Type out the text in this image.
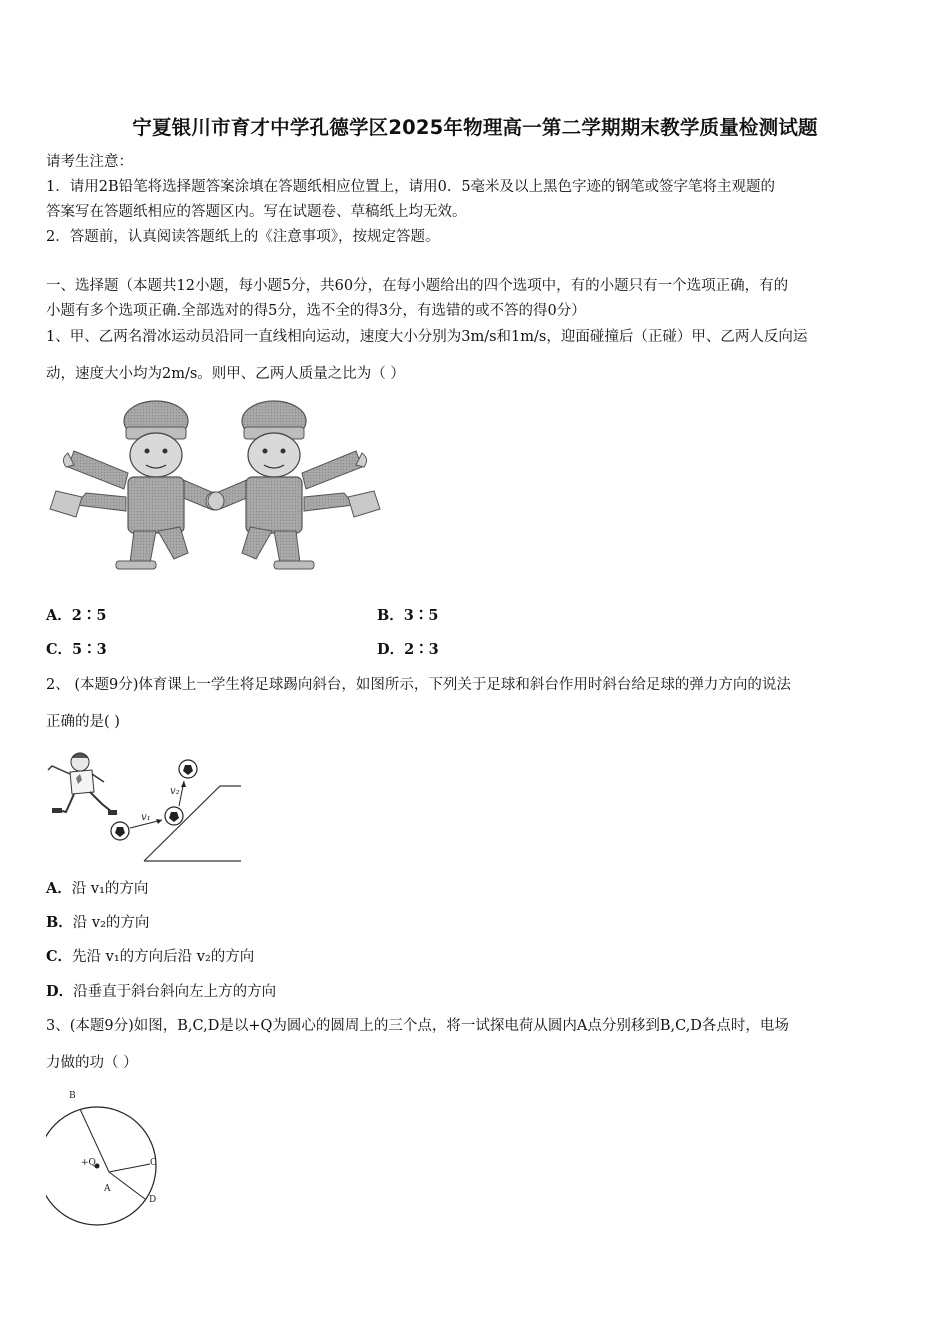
宁夏银川市育才中学孔德学区2025年物理高一第二学期期末教学质量检测试题
请考生注意：
1．请用2B铅笔将选择题答案涂填在答题纸相应位置上，请用0．5毫米及以上黑色字迹的钢笔或签字笔将主观题的
答案写在答题纸相应的答题区内。写在试题卷、草稿纸上均无效。
2．答题前，认真阅读答题纸上的《注意事项》，按规定答题。
一、选择题（本题共12小题，每小题5分，共60分，在每小题给出的四个选项中，有的小题只有一个选项正确，有的
小题有多个选项正确.全部选对的得5分，选不全的得3分，有选错的或不答的得0分）
1、甲、乙两名滑冰运动员沿同一直线相向运动，速度大小分别为3m/s和1m/s，迎面碰撞后（正碰）甲、乙两人反向运
动，速度大小均为2m/s。则甲、乙两人质量之比为（ ）
A．2∶5	B．3∶5
C．5∶3	D．2∶3
2、 (本题9分)体育课上一学生将足球踢向斜台，如图所示，下列关于足球和斜台作用时斜台给足球的弹力方向的说法
正确的是( )
v₁
v₂
A．沿 v₁的方向
B．沿 v₂的方向
C．先沿 v₁的方向后沿 v₂的方向
D．沿垂直于斜台斜向左上方的方向
3、(本题9分)如图，B,C,D是以+Q为圆心的圆周上的三个点，将一试探电荷从圆内A点分别移到B,C,D各点时，电场
力做的功（ ）
B
C
D
A
+Q
